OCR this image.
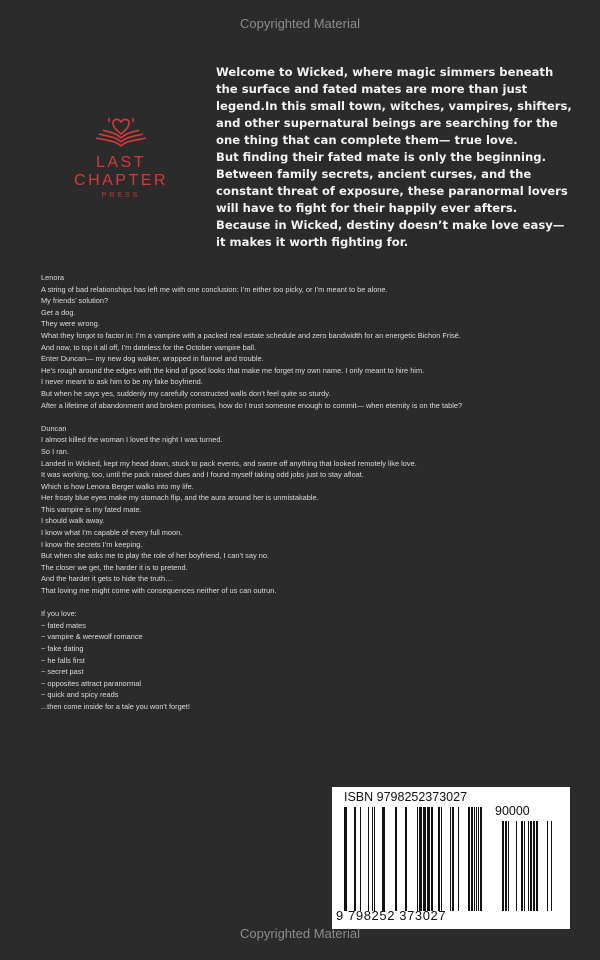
Copyrighted Material
LAST CHAPTER
PRESS

Welcome to Wicked, where magic simmers beneath

the surface and fated mates are more than just

legend.In this small town, witches, vampires, shifters,

and other supernatural beings are searching for the

one thing that can complete them— true love.

But finding their fated mate is only the beginning.

Between family secrets, ancient curses, and the

constant threat of exposure, these paranormal lovers

will have to fight for their happily ever afters.

Because in Wicked, destiny doesn’t make love easy—

it makes it worth fighting for.

Lenora

A string of bad relationships has left me with one conclusion: I’m either too picky, or I’m meant to be alone.

My friends’ solution?

Get a dog.

They were wrong.

What they forgot to factor in: I’m a vampire with a packed real estate schedule and zero bandwidth for an energetic Bichon Frisé.

And now, to top it all off, I’m dateless for the October vampire ball.

Enter Duncan— my new dog walker, wrapped in flannel and trouble.

He’s rough around the edges with the kind of good looks that make me forget my own name. I only meant to hire him.

I never meant to ask him to be my fake boyfriend.

But when he says yes, suddenly my carefully constructed walls don’t feel quite so sturdy.

After a lifetime of abandonment and broken promises, how do I trust someone enough to commit— when eternity is on the table?

Duncan

I almost killed the woman I loved the night I was turned.

So I ran.

Landed in Wicked, kept my head down, stuck to pack events, and swore off anything that looked remotely like love.

It was working, too, until the pack raised dues and I found myself taking odd jobs just to stay afloat.

Which is how Lenora Berger walks into my life.

Her frosty blue eyes make my stomach flip, and the aura around her is unmistakable.

This vampire is my fated mate.

I should walk away.

I know what I’m capable of every full moon.

I know the secrets I’m keeping.

But when she asks me to play the role of her boyfriend, I can’t say no.

The closer we get, the harder it is to pretend.

And the harder it gets to hide the truth…

That loving me might come with consequences neither of us can outrun.

If you love:

~ fated mates

~ vampire & werewolf romance

~ fake dating

~ he falls first

~ secret past

~ opposites attract paranormal

~ quick and spicy reads

...then come inside for a tale you won't forget!

ISBN 9798252373027
90000
9 798252 373027
Copyrighted Material
